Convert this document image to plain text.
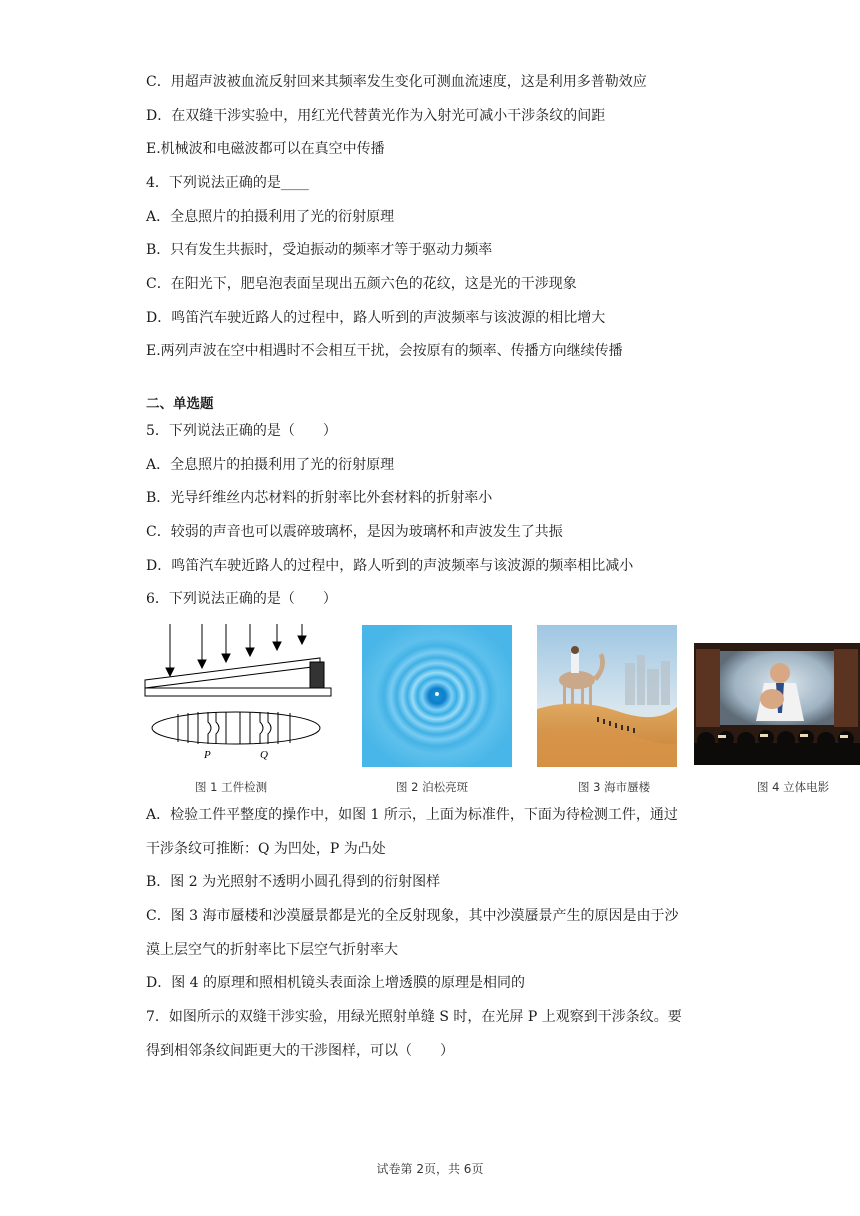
C．用超声波被血流反射回来其频率发生变化可测血流速度，这是利用多普勒效应
D．在双缝干涉实验中，用红光代替黄光作为入射光可减小干涉条纹的间距
E.机械波和电磁波都可以在真空中传播
4．下列说法正确的是____
A．全息照片的拍摄利用了光的衍射原理
B．只有发生共振时，受迫振动的频率才等于驱动力频率
C．在阳光下，肥皂泡表面呈现出五颜六色的花纹，这是光的干涉现象
D．鸣笛汽车驶近路人的过程中，路人听到的声波频率与该波源的相比增大
E.两列声波在空中相遇时不会相互干扰，会按原有的频率、传播方向继续传播
二、单选题
5．下列说法正确的是（　　）
A．全息照片的拍摄利用了光的衍射原理
B．光导纤维丝内芯材料的折射率比外套材料的折射率小
C．较弱的声音也可以震碎玻璃杯，是因为玻璃杯和声波发生了共振
D．鸣笛汽车驶近路人的过程中，路人听到的声波频率与该波源的频率相比减小
6．下列说法正确的是（　　）
P	Q
图 1 工件检测	图 2 泊松亮斑	图 3 海市蜃楼	图 4 立体电影
A．检验工件平整度的操作中，如图 1 所示，上面为标准件，下面为待检测工件，通过
干涉条纹可推断：Q 为凹处，P 为凸处
B．图 2 为光照射不透明小圆孔得到的衍射图样
C．图 3 海市蜃楼和沙漠蜃景都是光的全反射现象，其中沙漠蜃景产生的原因是由于沙
漠上层空气的折射率比下层空气折射率大
D．图 4 的原理和照相机镜头表面涂上增透膜的原理是相同的
7．如图所示的双缝干涉实验，用绿光照射单缝 S 时，在光屏 P 上观察到干涉条纹。要
得到相邻条纹间距更大的干涉图样，可以（　　）
试卷第 2页，共 6页
